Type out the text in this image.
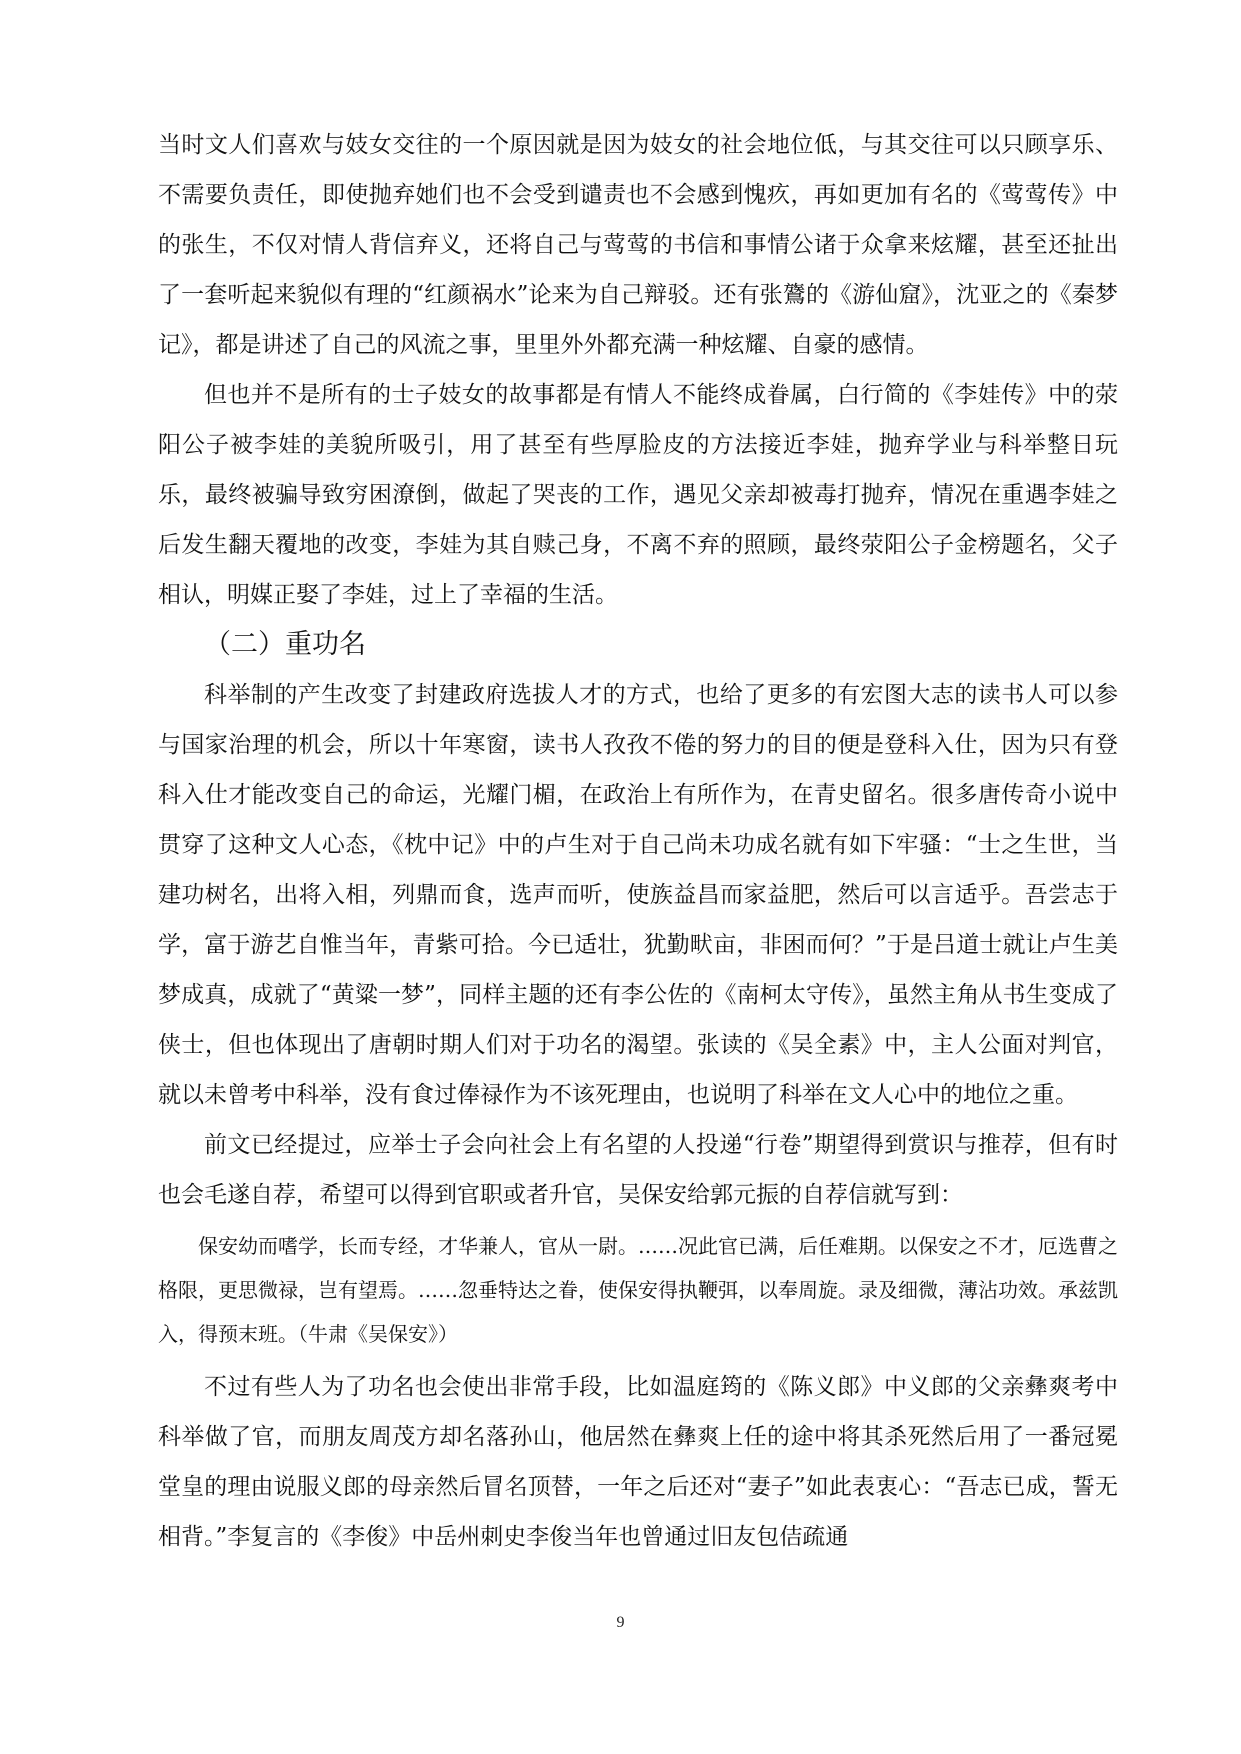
当时文人们喜欢与妓女交往的一个原因就是因为妓女的社会地位低，与其交往可以只顾享乐、不需要负责任，即使抛弃她们也不会受到谴责也不会感到愧疚，再如更加有名的《莺莺传》中的张生，不仅对情人背信弃义，还将自己与莺莺的书信和事情公诸于众拿来炫耀，甚至还扯出了一套听起来貌似有理的“红颜祸水”论来为自己辩驳。还有张鷟的《游仙窟》，沈亚之的《秦梦记》，都是讲述了自己的风流之事，里里外外都充满一种炫耀、自豪的感情。

但也并不是所有的士子妓女的故事都是有情人不能终成眷属，白行简的《李娃传》中的荥阳公子被李娃的美貌所吸引，用了甚至有些厚脸皮的方法接近李娃，抛弃学业与科举整日玩乐，最终被骗导致穷困潦倒，做起了哭丧的工作，遇见父亲却被毒打抛弃，情况在重遇李娃之后发生翻天覆地的改变，李娃为其自赎己身，不离不弃的照顾，最终荥阳公子金榜题名，父子相认，明媒正娶了李娃，过上了幸福的生活。

（二）重功名

科举制的产生改变了封建政府选拔人才的方式，也给了更多的有宏图大志的读书人可以参与国家治理的机会，所以十年寒窗，读书人孜孜不倦的努力的目的便是登科入仕，因为只有登科入仕才能改变自己的命运，光耀门楣，在政治上有所作为，在青史留名。很多唐传奇小说中贯穿了这种文人心态，《枕中记》中的卢生对于自己尚未功成名就有如下牢骚：“士之生世，当建功树名，出将入相，列鼎而食，选声而听，使族益昌而家益肥，然后可以言适乎。吾尝志于学，富于游艺自惟当年，青紫可拾。今已适壮，犹勤畎亩，非困而何？”于是吕道士就让卢生美梦成真，成就了“黄粱一梦”，同样主题的还有李公佐的《南柯太守传》，虽然主角从书生变成了侠士，但也体现出了唐朝时期人们对于功名的渴望。张读的《吴全素》中，主人公面对判官，就以未曾考中科举，没有食过俸禄作为不该死理由，也说明了科举在文人心中的地位之重。

前文已经提过，应举士子会向社会上有名望的人投递“行卷”期望得到赏识与推荐，但有时也会毛遂自荐，希望可以得到官职或者升官，吴保安给郭元振的自荐信就写到：

保安幼而嗜学，长而专经，才华兼人，官从一尉。……况此官已满，后任难期。以保安之不才，厄选曹之格限，更思微禄，岂有望焉。……忽垂特达之眷，使保安得执鞭弭，以奉周旋。录及细微，薄沾功效。承兹凯入，得预末班。（牛肃《吴保安》）

不过有些人为了功名也会使出非常手段，比如温庭筠的《陈义郎》中义郎的父亲彝爽考中科举做了官，而朋友周茂方却名落孙山，他居然在彝爽上任的途中将其杀死然后用了一番冠冕堂皇的理由说服义郎的母亲然后冒名顶替，一年之后还对“妻子”如此表衷心：“吾志已成，誓无相背。”李复言的《李俊》中岳州刺史李俊当年也曾通过旧友包佶疏通

9
